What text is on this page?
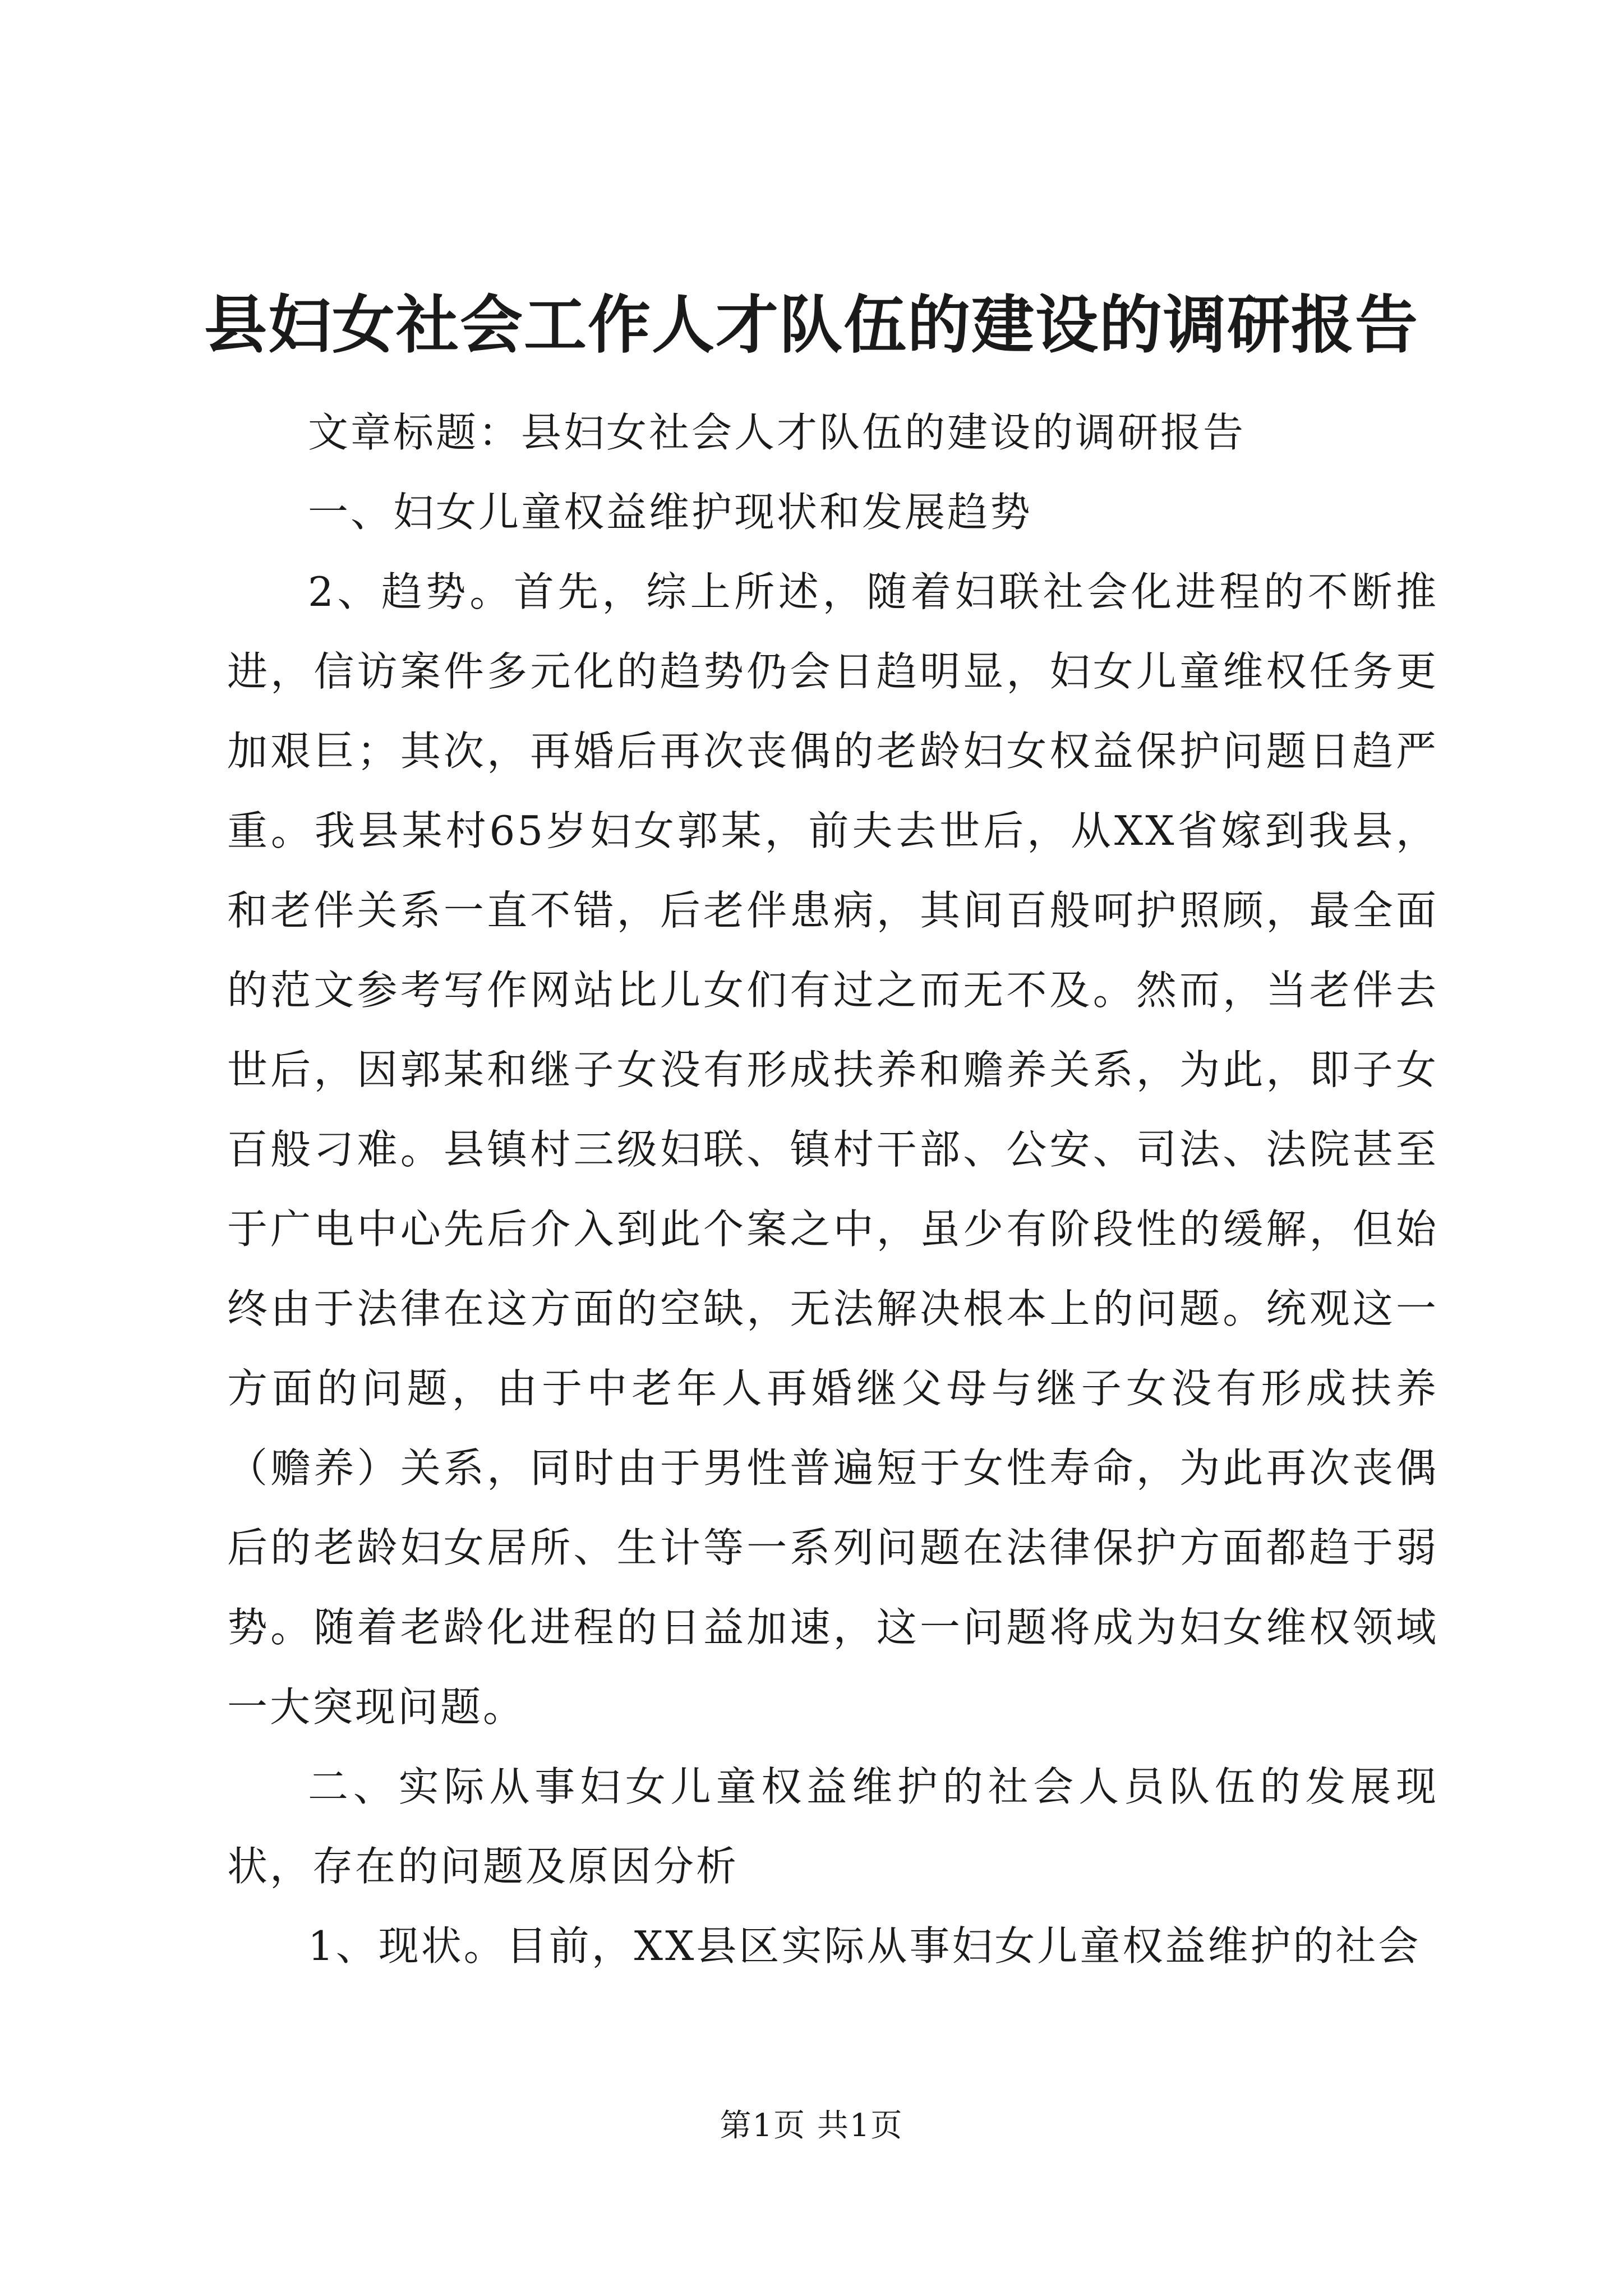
县妇女社会工作人才队伍的建设的调研报告

文章标题：县妇女社会人才队伍的建设的调研报告

一、妇女儿童权益维护现状和发展趋势

2、趋势。首先，综上所述，随着妇联社会化进程的不断推进，信访案件多元化的趋势仍会日趋明显，妇女儿童维权任务更加艰巨；其次，再婚后再次丧偶的老龄妇女权益保护问题日趋严重。我县某村65岁妇女郭某，前夫去世后，从XX省嫁到我县，和老伴关系一直不错，后老伴患病，其间百般呵护照顾，最全面的范文参考写作网站比儿女们有过之而无不及。然而，当老伴去世后，因郭某和继子女没有形成扶养和赡养关系，为此，即子女百般刁难。县镇村三级妇联、镇村干部、公安、司法、法院甚至于广电中心先后介入到此个案之中，虽少有阶段性的缓解，但始终由于法律在这方面的空缺，无法解决根本上的问题。统观这一方面的问题，由于中老年人再婚继父母与继子女没有形成扶养（赡养）关系，同时由于男性普遍短于女性寿命，为此再次丧偶后的老龄妇女居所、生计等一系列问题在法律保护方面都趋于弱势。随着老龄化进程的日益加速，这一问题将成为妇女维权领域一大突现问题。

二、实际从事妇女儿童权益维护的社会人员队伍的发展现状，存在的问题及原因分析

1、现状。目前，XX县区实际从事妇女儿童权益维护的社会

第1页 共1页
